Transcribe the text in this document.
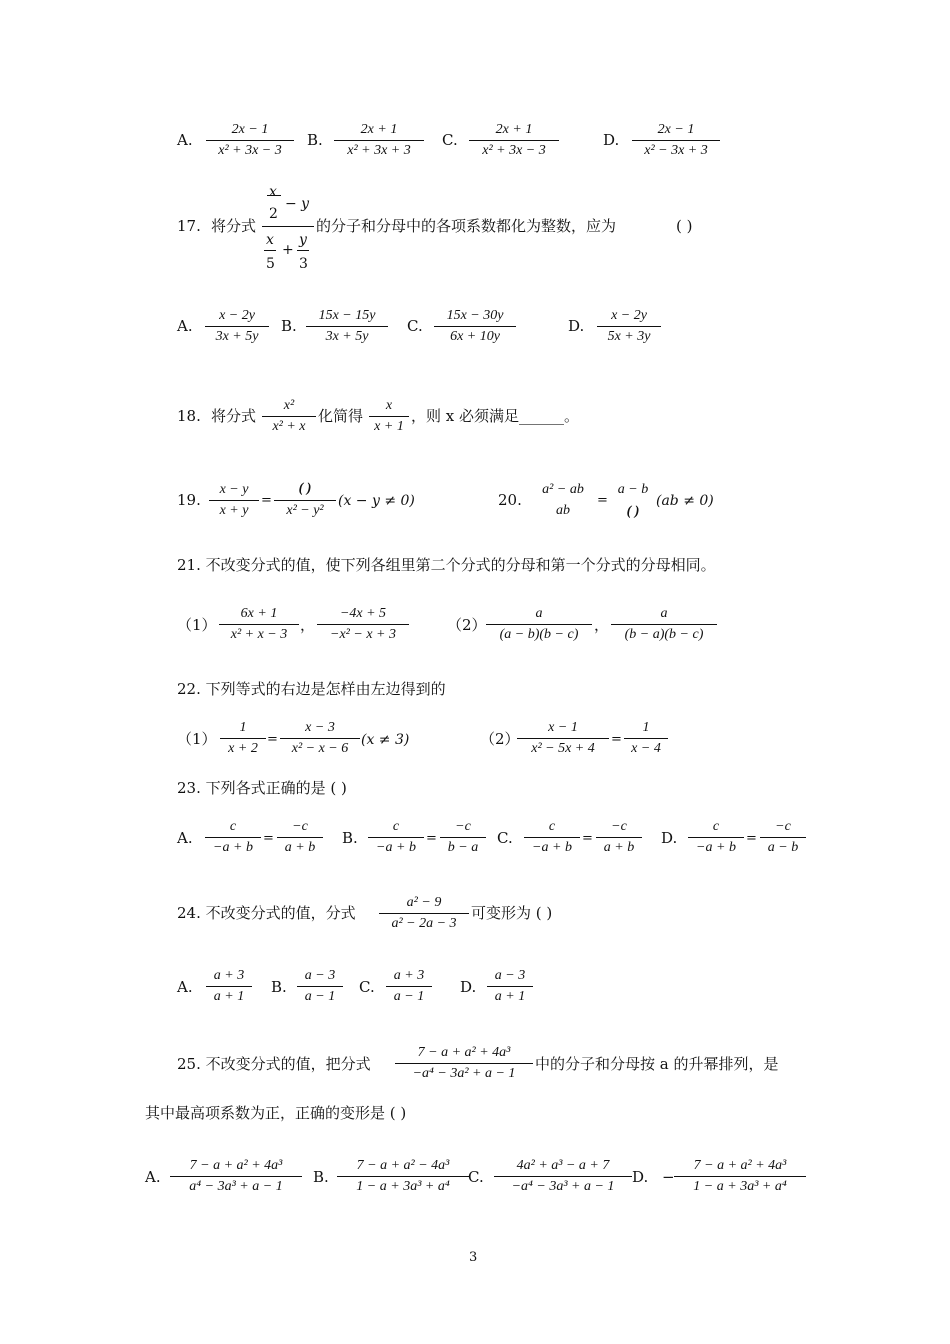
A.
2x − 1
x² + 3x − 3
B.
2x + 1
x² + 3x + 3
C.
2x + 1
x² + 3x − 3
D.
2x − 1
x² − 3x + 3
17. 将分式
x
− y
2
x
5
+
y
3
的分子和分母中的各项系数都化为整数，应为	( )
A.
x − 2y
3x + 5y
B.
15x − 15y
3x + 5y
C.
15x − 30y
6x + 10y
D.
x − 2y
5x + 3y
18. 将分式
x²
x² + x
化简得
x
x + 1
，则 x 必须满足______。
19.
x − y
x + y
=
( )
x² − y²
(x − y ≠ 0)	20.
a² − ab
ab
=
a − b
( )
(ab ≠ 0)
21. 不改变分式的值，使下列各组里第二个分式的分母和第一个分式的分母相同。
（1）
6x + 1
x² + x − 3
，
−4x + 5
−x² − x + 3
（2）
a
(a − b)(b − c)
，
a
(b − a)(b − c)
22. 下列等式的右边是怎样由左边得到的
（1）
1
x + 2
=
x − 3
x² − x − 6
(x ≠ 3)	（2）
x − 1
x² − 5x + 4
=
1
x − 4
23. 下列各式正确的是 ( )
A.
c
−a + b
=
−c
a + b
B.
c
−a + b
=
−c
b − a
C.
c
−a + b
=
−c
a + b
D.
c
−a + b
=
−c
a − b
24. 不改变分式的值，分式
a² − 9
a² − 2a − 3
可变形为 ( )
A.
a + 3
a + 1
B.
a − 3
a − 1
C.
a + 3
a − 1
D.
a − 3
a + 1
25. 不改变分式的值，把分式
7 − a + a² + 4a³
−a⁴ − 3a² + a − 1
中的分子和分母按 a 的升幂排列，是
其中最高项系数为正，正确的变形是 ( )
A.
7 − a + a² + 4a³
a⁴ − 3a³ + a − 1
B.
7 − a + a² − 4a³
1 − a + 3a³ + a⁴
C.
4a² + a³ − a + 7
−a⁴ − 3a³ + a − 1
D. −
7 − a + a² + 4a³
1 − a + 3a³ + a⁴
3
